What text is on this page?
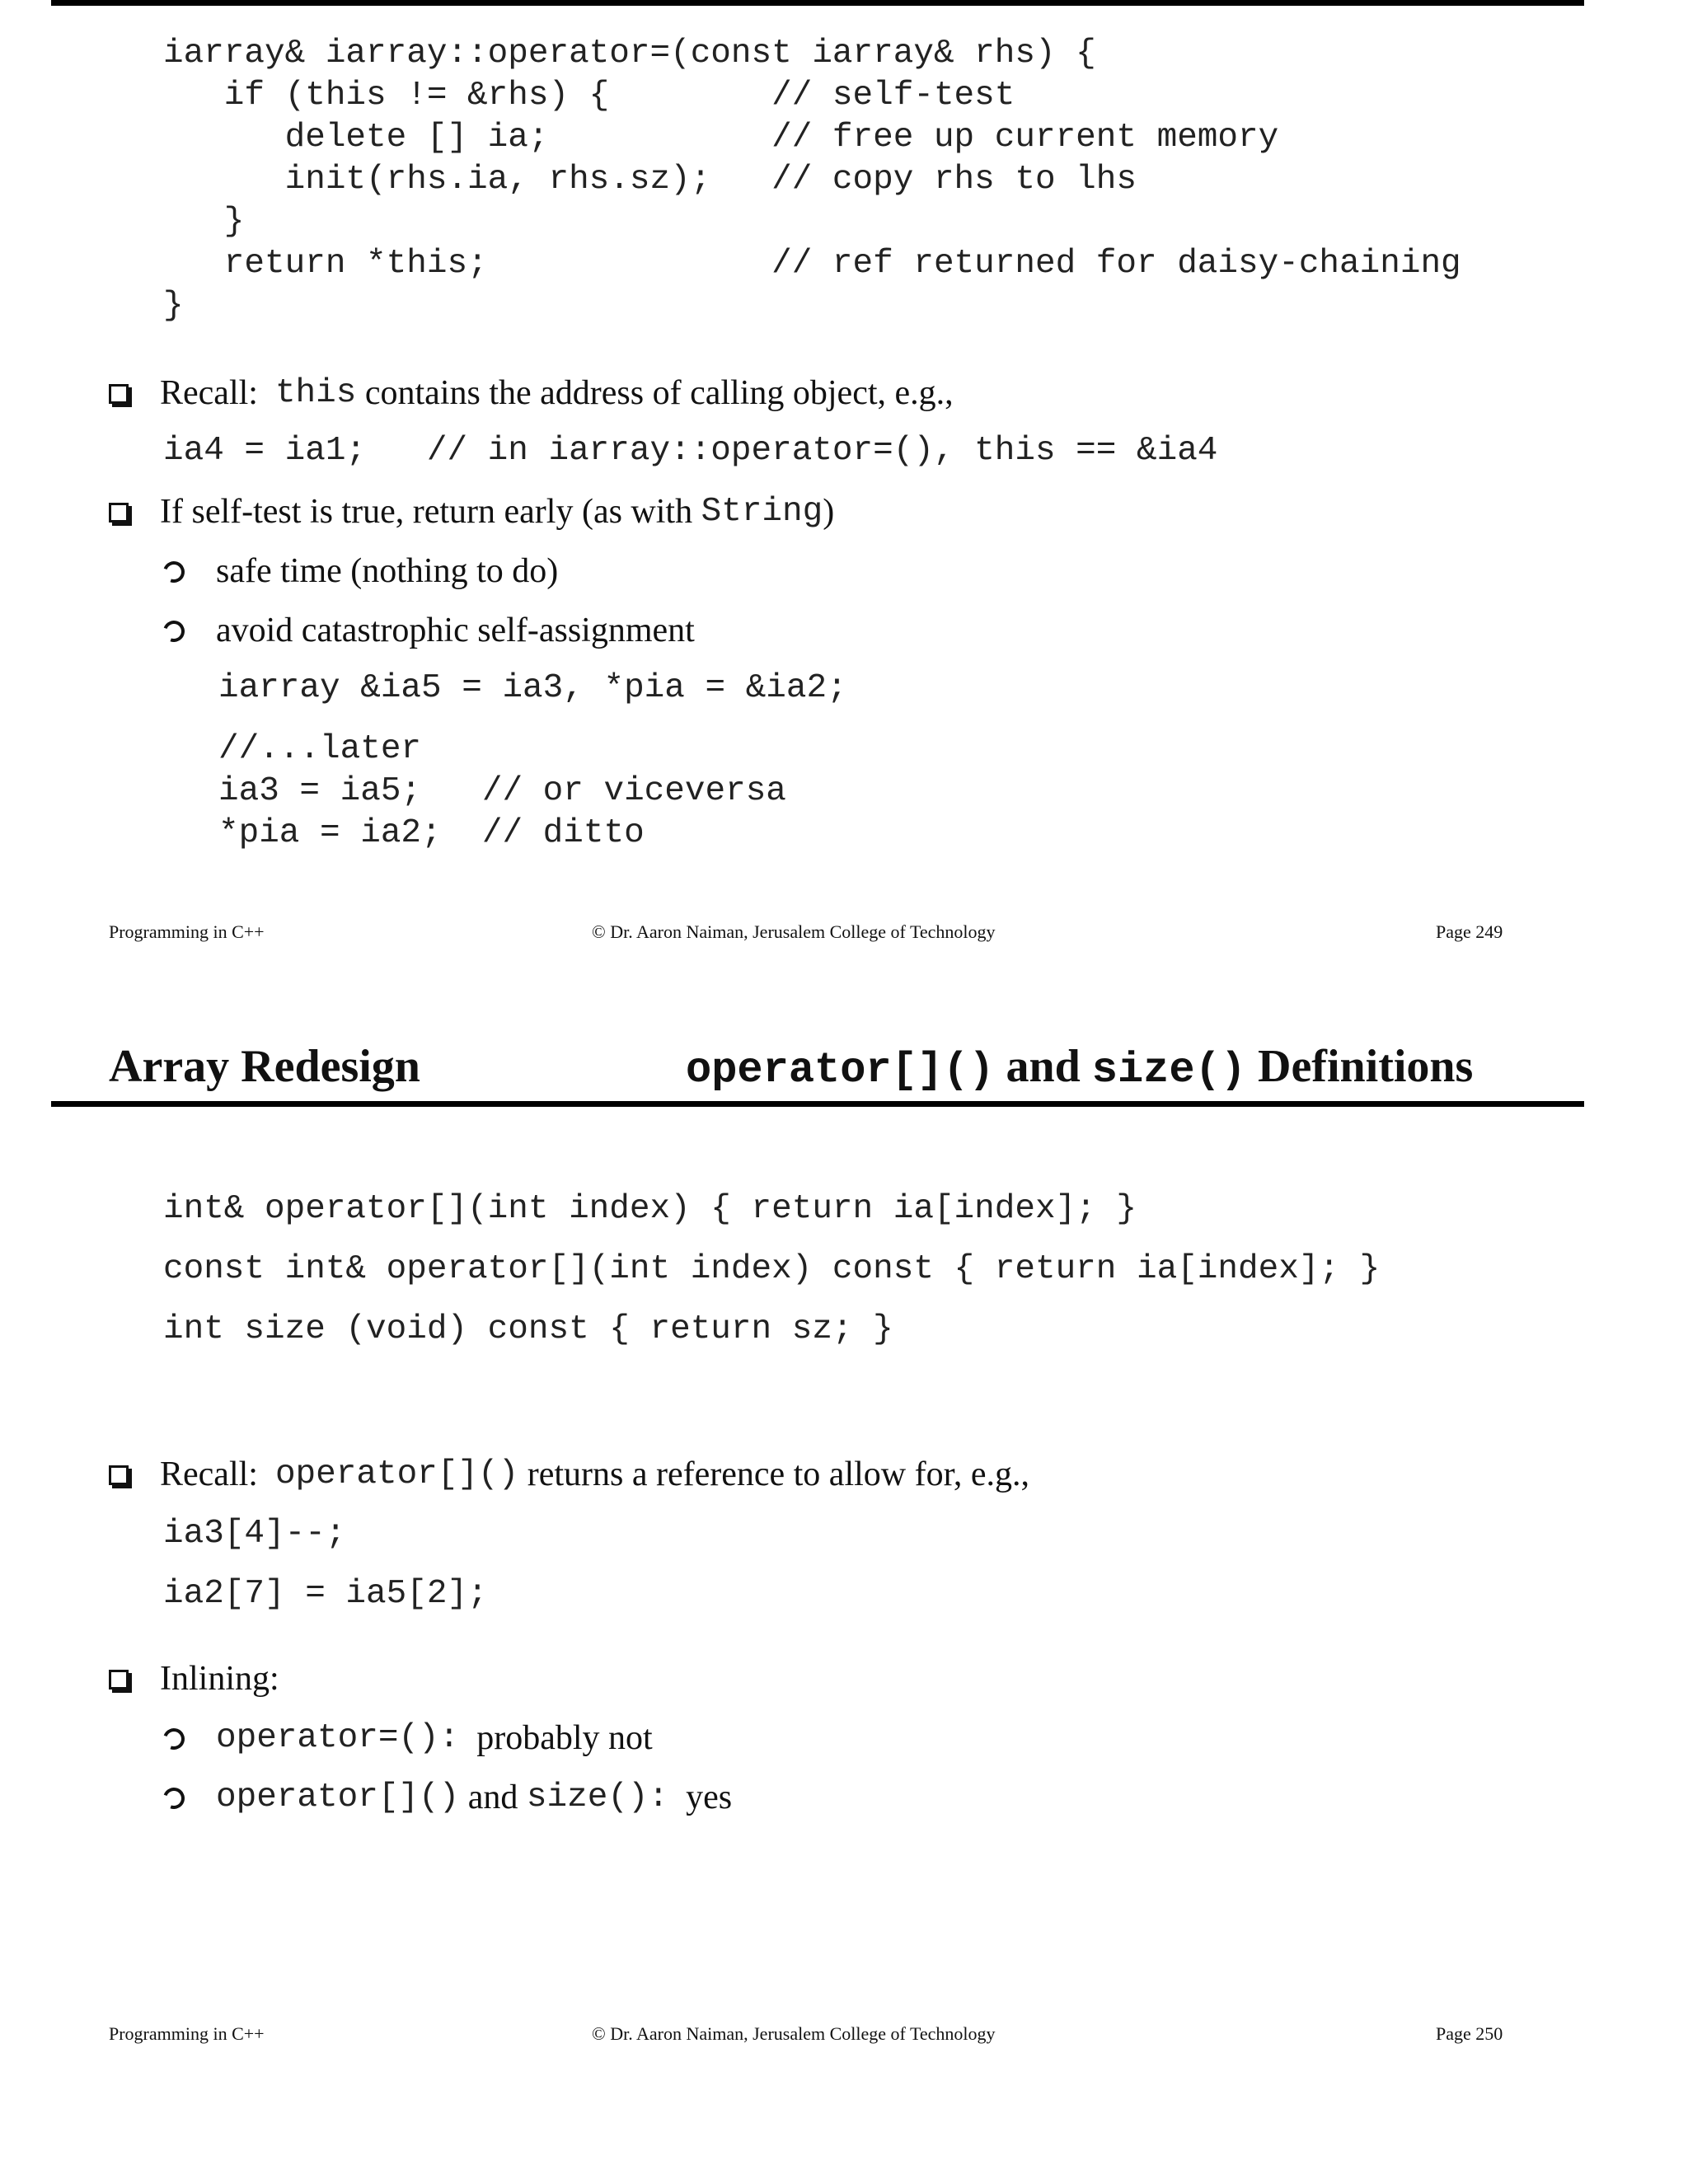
iarray& iarray::operator=(const iarray& rhs) {
if (this != &rhs) {        // self-test
delete [] ia;           // free up current memory
init(rhs.ia, rhs.sz);   // copy rhs to lhs
}
return *this;              // ref returned for daisy-chaining
}
Recall: this contains the address of calling object, e.g.,
ia4 = ia1;   // in iarray::operator=(), this == &ia4
If self-test is true, return early (as with String )
safe time (nothing to do)
avoid catastrophic self-assignment
iarray &ia5 = ia3, *pia = &ia2;
//...later
ia3 = ia5;   // or viceversa
*pia = ia2;  // ditto
Programming in C++	© Dr. Aaron Naiman, Jerusalem College of Technology	Page 249
Array Redesign	operator[]() and size() Definitions
int& operator[](int index) { return ia[index]; }
const int& operator[](int index) const { return ia[index]; }
int size (void) const { return sz; }
Recall: operator[]() returns a reference to allow for, e.g.,
ia3[4]--;
ia2[7] = ia5[2];
Inlining:
operator=(): probably not
operator[]() and size(): yes
Programming in C++	© Dr. Aaron Naiman, Jerusalem College of Technology	Page 250
